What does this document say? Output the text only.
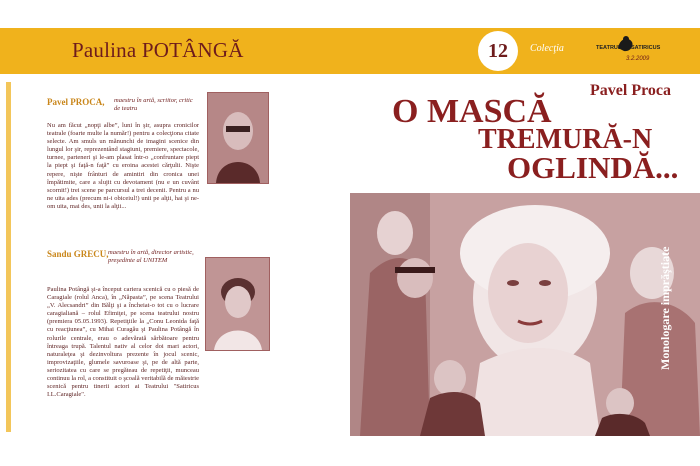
Paulina POTÂNGĂ	12	Colecţia	TEATRUL SATIRICUS
3.2.2009
Pavel PROCA, maestru în artă, scriitor, critic de teatru
Nu am făcut „nopţi albe”, luni în şir, asupra cronicilor teatrale (foarte multe la număr!) pentru a colecţiona citate selecte. Am smuls un mănunchi de imagini scenice din lungul lor şir, reprezentând stagiuni, premiere, spectacole, turnee, parteneri şi le-am plasat într-o „confruntare piept la piept şi faţă-n faţă” cu eroina acestei cărţulii. Nişte repere, nişte frânturi de amintiri din cronica unei împătimite, care a slujit cu devotament (nu e un cuvânt scornit!) trei scene pe parcursul a trei decenii. Pentru a nu ne uita ades (precum ni-i obiceiul!) unii pe alţii, hai şi ne-om uita, mai des, unii la alţii...
Sandu GRECU, maestru în artă, director artistic, preşedinte al UNITEM
Paulina Potângă şi-a început cariera scenică cu o piesă de Caragiale (rolul Anca), în „Năpasta”, pe scena Teatrului „V. Alecsandri” din Bălţi şi a încheiat-o tot cu o lucrare caragialiană – rolul Efimiţei, pe scena teatrului nostru (premiera 05.05.1993). Repetiţiile la „Conu Leonida faţă cu reacţiunea”, cu Mihai Curagău şi Paulina Potângă în rolurile centrale, erau o adevărată sărbătoare pentru întreaga trupă. Talentul nativ al celor doi mari actori, naturaleţea şi dezinvoltura prezente în jocul scenic, improvizaţiile, glumele savuroase şi, pe de altă parte, seriozitatea cu care se pregăteau de repetiţii, munceau continuu la rol, a constituit o şcoală veritabilă de măiestrie scenică pentru tinerii actori ai Teatrului "Satiricus I.L.Caragiale".
Pavel Proca
O MASCĂ
TREMURĂ-N
OGLINDĂ...
Monologare imprăştiate
